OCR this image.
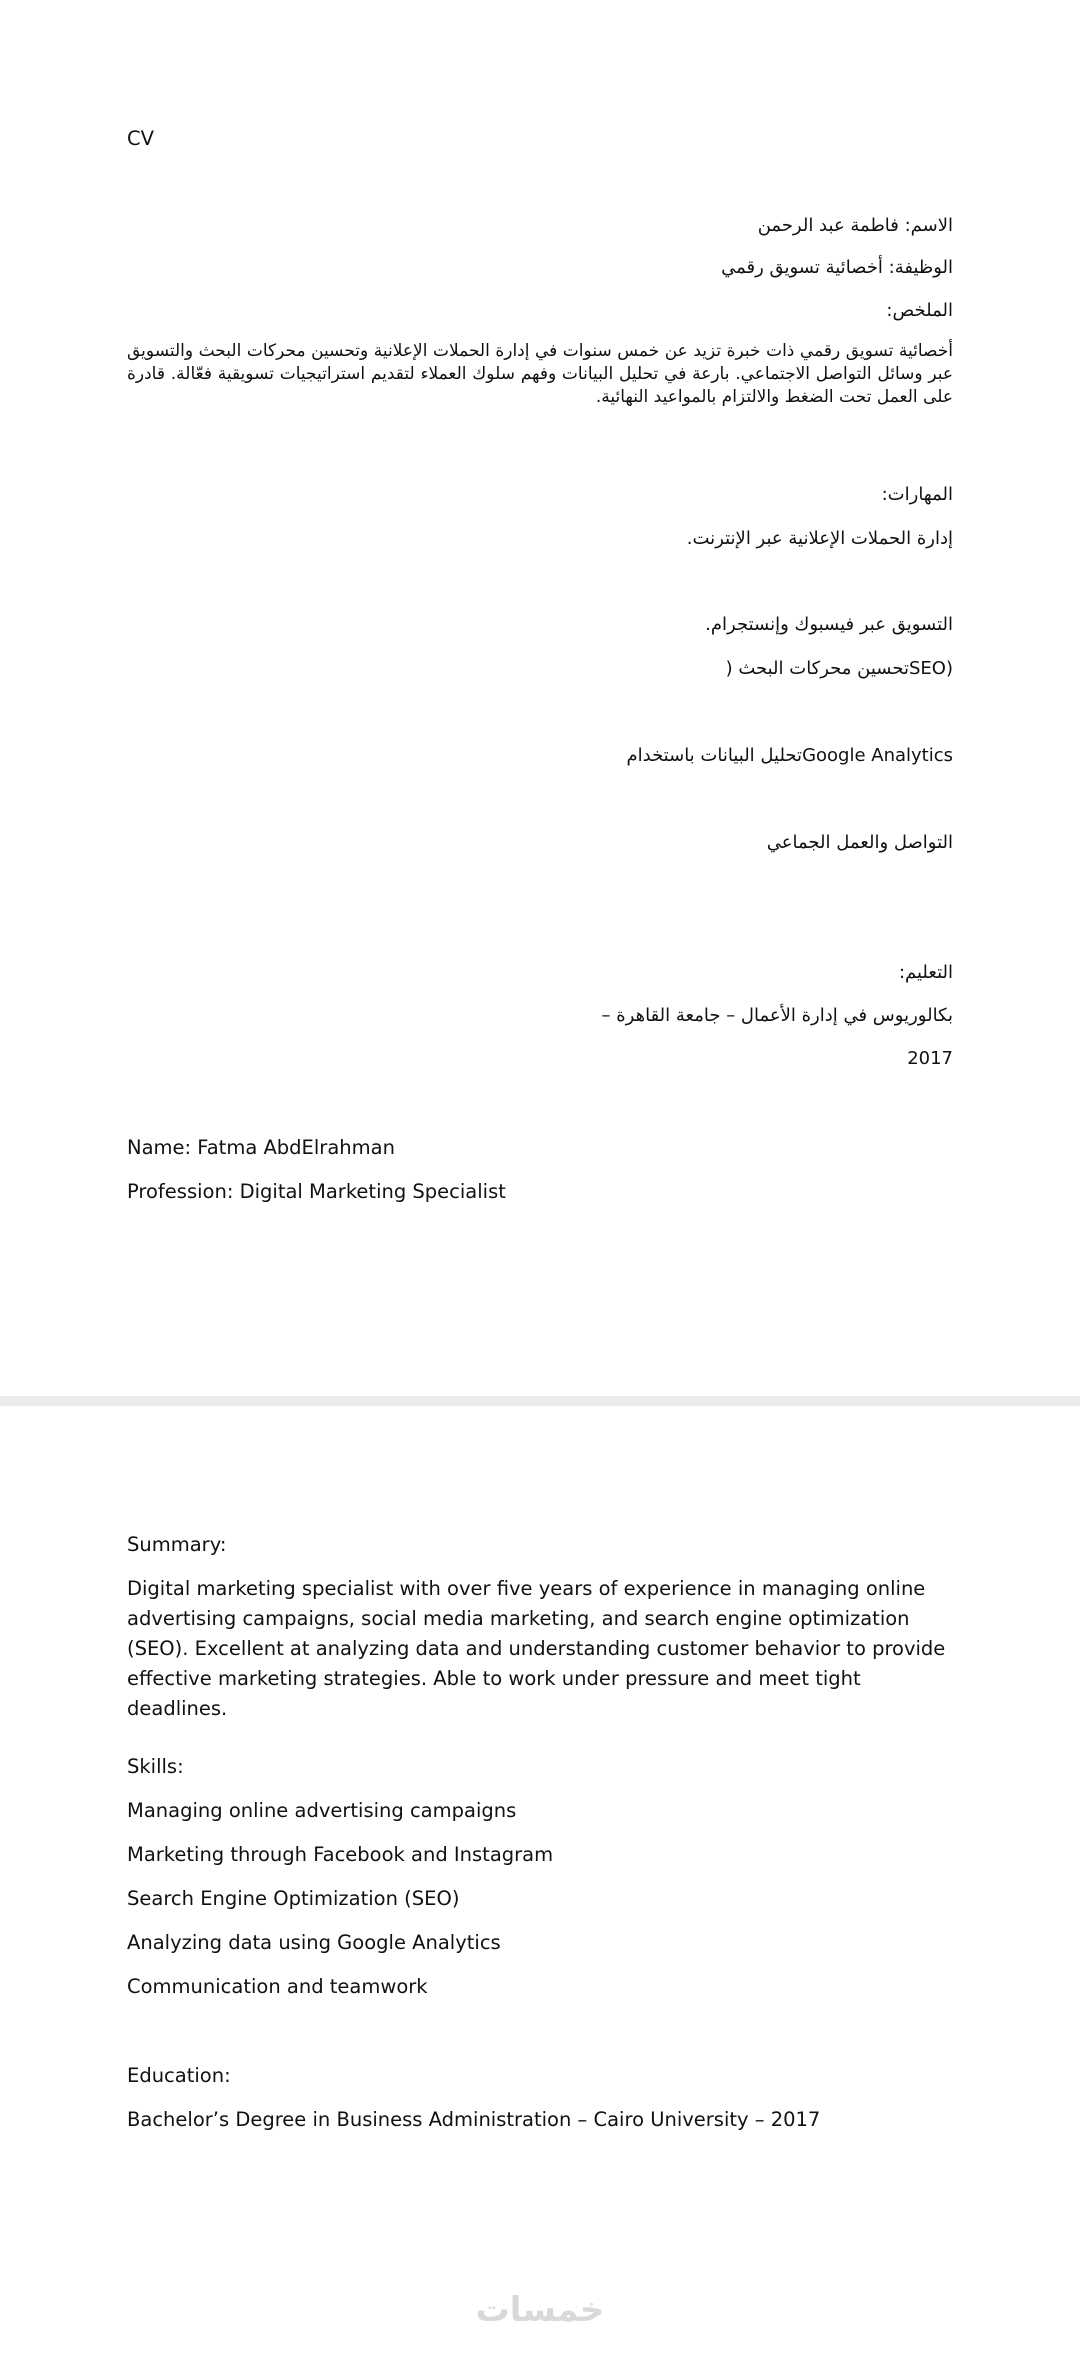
CV

الاسم: فاطمة عبد الرحمن

الوظيفة: أخصائية تسويق رقمي

الملخص:

أخصائية تسويق رقمي ذات خبرة تزيد عن خمس سنوات في إدارة الحملات الإعلانية وتحسين محركات البحث والتسويق عبر وسائل التواصل الاجتماعي. بارعة في تحليل البيانات وفهم سلوك العملاء لتقديم استراتيجيات تسويقية فعّالة. قادرة على العمل تحت الضغط والالتزام بالمواعيد النهائية.

المهارات:

إدارة الحملات الإعلانية عبر الإنترنت.

التسويق عبر فيسبوك وإنستجرام.

(SEOتحسين محركات البحث (

Google Analyticsتحليل البيانات باستخدام

التواصل والعمل الجماعي

التعليم:

بكالوريوس في إدارة الأعمال – جامعة القاهرة –

2017

Name: Fatma AbdElrahman

Profession: Digital Marketing Specialist

Summary:

Digital marketing specialist with over five years of experience in managing online advertising campaigns, social media marketing, and search engine optimization (SEO). Excellent at analyzing data and understanding customer behavior to provide effective marketing strategies. Able to work under pressure and meet tight deadlines.

Skills:

Managing online advertising campaigns

Marketing through Facebook and Instagram

Search Engine Optimization (SEO)

Analyzing data using Google Analytics

Communication and teamwork

Education:

Bachelor’s Degree in Business Administration – Cairo University – 2017

خمسات
